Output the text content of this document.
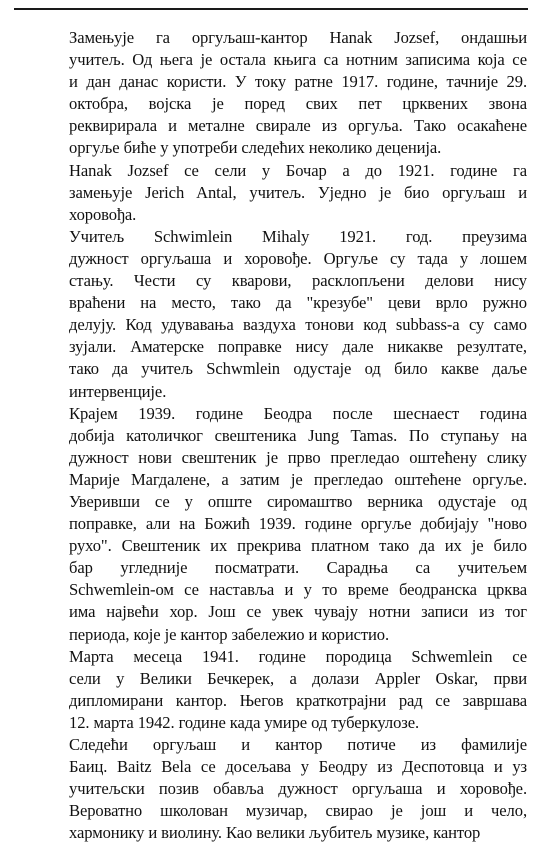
Замењује га оргуљаш-кантор Hanak Jozsef, ондашњи
учитељ. Од њега је остала књига са нотним записима која се
и дан данас користи. У току ратне 1917. године, тачније 29.
октобра, војска је поред свих пет црквених звона
реквирирала и металне свирале из оргуља. Тако осакаћене
оргуље биће у употреби следећих неколико деценија.

Hanak Jozsef се сели у Бочар а до 1921. године га
замењује Jerich Antal, учитељ. Уједно је био оргуљаш и
хоровођа.

Учитељ Schwimlein Mihaly 1921. год. преузима
дужност оргуљаша и хоровође. Оргуље су тада у лошем
стању. Чести су кварови, расклопљени делови нису
враћени на место, тако да "крезубе" цеви врло ружно
делују. Код удувавања ваздуха тонови код subbass-а су само
зујали. Аматерске поправке нису дале никакве резултате,
тако да учитељ Schwmlein одустаје од било какве даље
интервенције.

Крајем 1939. године Беодра после шеснаест година
добија католичког свештеника Jung Tamas. По ступању на
дужност нови свештеник је прво прегледао оштећену слику
Марије Магдалене, а затим је прегледао оштећене оргуље.
Уверивши се у опште сиромаштво верника одустаје од
поправке, али на Божић 1939. године оргуље добијају "ново
рухо". Свештеник их прекрива платном тако да их је било
бар угледније посматрати. Сарадња са учитељем
Schwemlein-ом се наставља и у то време беодранска црква
има највећи хор. Још се увек чувају нотни записи из тог
периода, које је кантор забележио и користио.

Марта месеца 1941. године породица Schwemlein се
сели у Велики Бечкерек, а долази Appler Oskar, први
дипломирани кантор. Његов краткотрајни рад се завршава
12. марта 1942. године када умире од туберкулозе.

Следећи оргуљаш и кантор потиче из фамилије
Баиц. Baitz Bela се досељава у Беодру из Деспотовца и уз
учитељски позив обавља дужност оргуљаша и хоровође.
Вероватно школован музичар, свирао је још и чело,
хармонику и виолину. Као велики љубитељ музике, кантор
